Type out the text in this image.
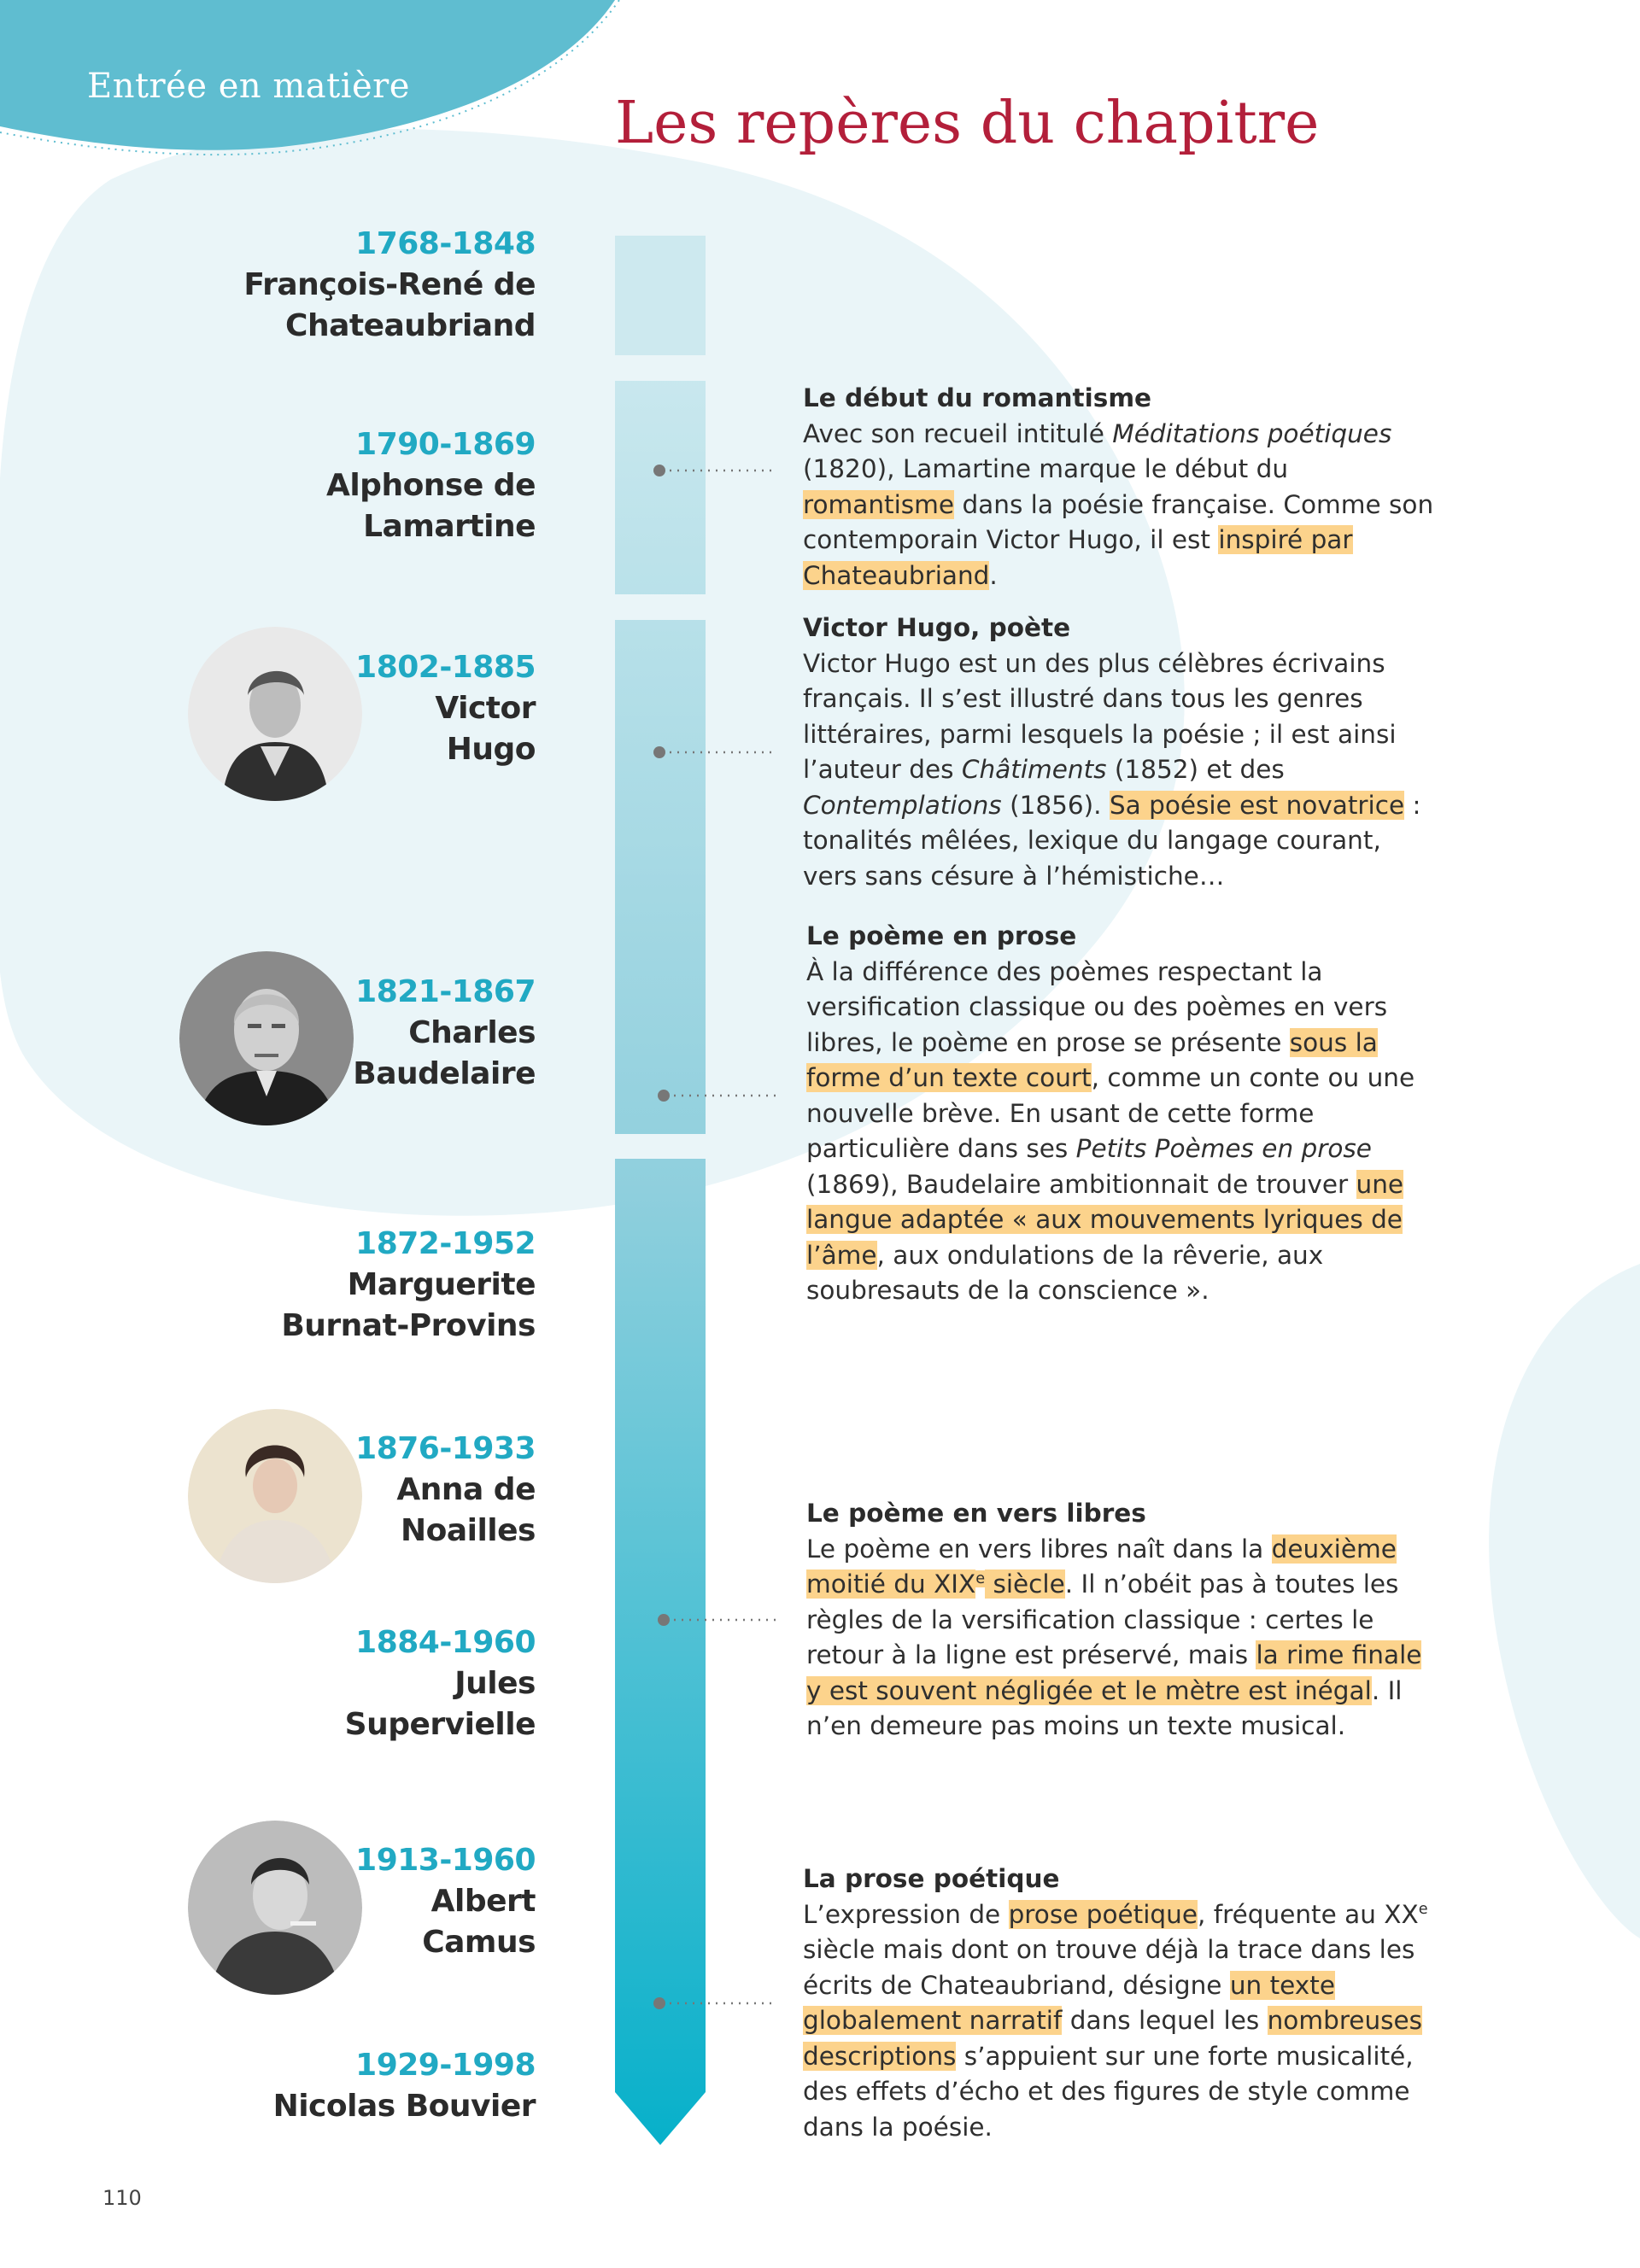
Entrée en matière
Les repères du chapitre
1768-1848
François-René de
Chateaubriand
1790-1869
Alphonse de
Lamartine
1802-1885
Victor
Hugo
1821-1867
Charles
Baudelaire
1872-1952
Marguerite
Burnat-Provins
1876-1933
Anna de
Noailles
1884-1960
Jules
Supervielle
1913-1960
Albert
Camus
1929-1998
Nicolas Bouvier
Le début du romantisme

Avec son recueil intitulé Méditations poétiques (1820), Lamartine marque le début du romantisme dans la poésie française. Comme son contemporain Victor Hugo, il est inspiré par Chateaubriand.

Victor Hugo, poète

Victor Hugo est un des plus célèbres écrivains français. Il s’est illustré dans tous les genres littéraires, parmi lesquels la poésie ; il est ainsi l’auteur des Châtiments (1852) et des Contemplations (1856). Sa poésie est novatrice : tonalités mêlées, lexique du langage courant, vers sans césure à l’hémistiche…

Le poème en prose

À la différence des poèmes respectant la versification classique ou des poèmes en vers libres, le poème en prose se présente sous la forme d’un texte court, comme un conte ou une nouvelle brève. En usant de cette forme particulière dans ses Petits Poèmes en prose (1869), Baudelaire ambitionnait de trouver une langue adaptée « aux mouvements lyriques de l’âme, aux ondulations de la rêverie, aux soubresauts de la conscience ».

Le poème en vers libres

Le poème en vers libres naît dans la deuxième moitié du XIXe siècle. Il n’obéit pas à toutes les règles de la versification classique : certes le retour à la ligne est préservé, mais la rime finale y est souvent négligée et le mètre est inégal. Il n’en demeure pas moins un texte musical.

La prose poétique

L’expression de prose poétique, fréquente au XXe siècle mais dont on trouve déjà la trace dans les écrits de Chateaubriand, désigne un texte globalement narratif dans lequel les nombreuses descriptions s’appuient sur une forte musicalité, des effets d’écho et des figures de style comme dans la poésie.

110
